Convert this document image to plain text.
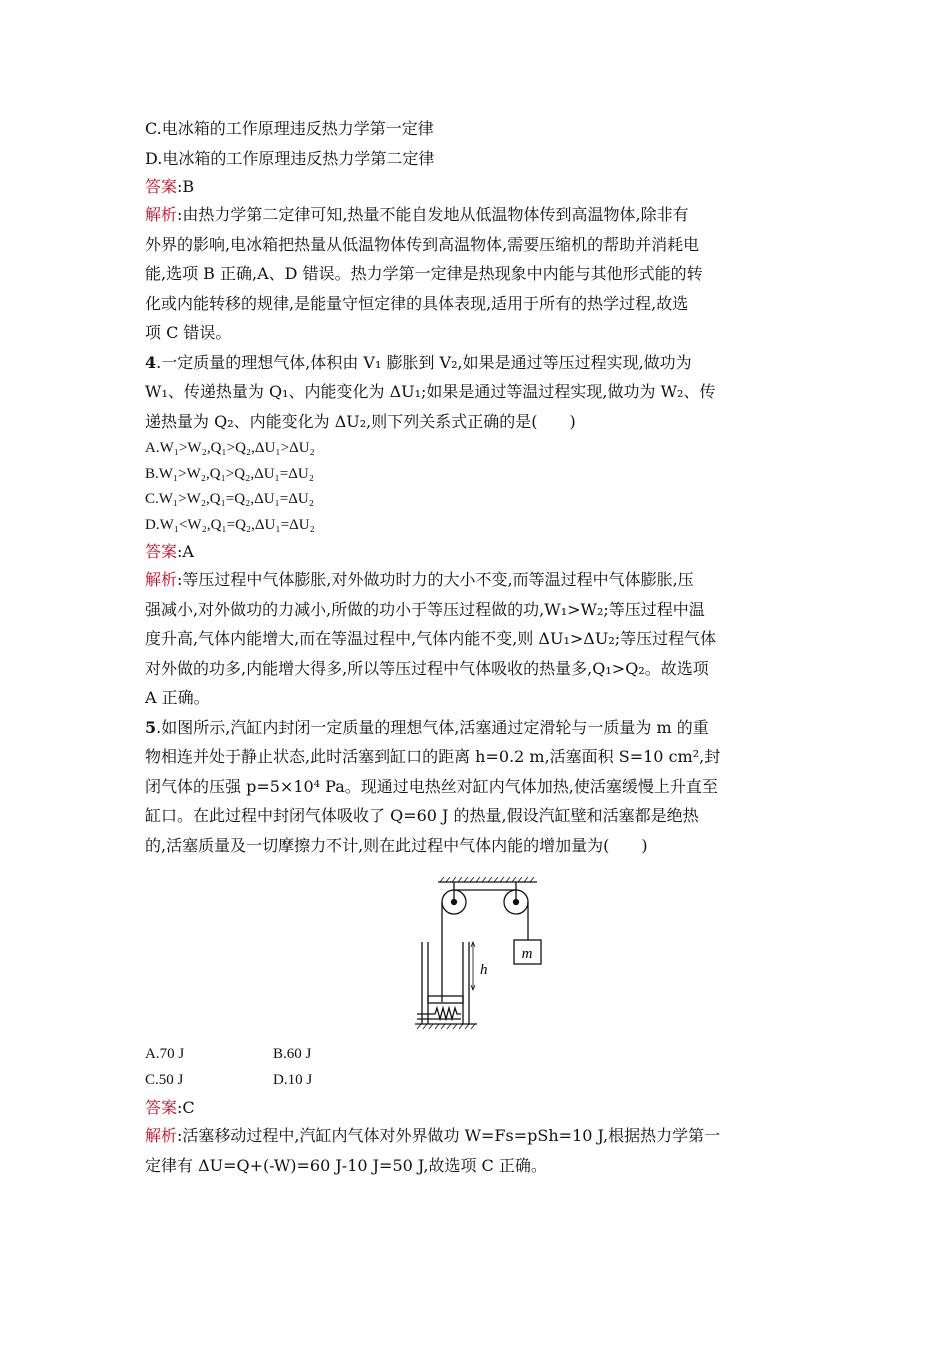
C.电冰箱的工作原理违反热力学第一定律
D.电冰箱的工作原理违反热力学第二定律
答案:B
解析:由热力学第二定律可知,热量不能自发地从低温物体传到高温物体,除非有
外界的影响,电冰箱把热量从低温物体传到高温物体,需要压缩机的帮助并消耗电
能,选项 B 正确,A、D 错误。热力学第一定律是热现象中内能与其他形式能的转
化或内能转移的规律,是能量守恒定律的具体表现,适用于所有的热学过程,故选
项 C 错误。
4.一定质量的理想气体,体积由 V₁ 膨胀到 V₂,如果是通过等压过程实现,做功为
W₁、传递热量为 Q₁、内能变化为 ΔU₁;如果是通过等温过程实现,做功为 W₂、传
递热量为 Q₂、内能变化为 ΔU₂,则下列关系式正确的是(　　)
A.W₁>W₂,Q₁>Q₂,ΔU₁>ΔU₂
B.W₁>W₂,Q₁>Q₂,ΔU₁=ΔU₂
C.W₁>W₂,Q₁=Q₂,ΔU₁=ΔU₂
D.W₁<W₂,Q₁=Q₂,ΔU₁=ΔU₂
答案:A
解析:等压过程中气体膨胀,对外做功时力的大小不变,而等温过程中气体膨胀,压
强减小,对外做功的力减小,所做的功小于等压过程做的功,W₁>W₂;等压过程中温
度升高,气体内能增大,而在等温过程中,气体内能不变,则 ΔU₁>ΔU₂;等压过程气体
对外做的功多,内能增大得多,所以等压过程中气体吸收的热量多,Q₁>Q₂。故选项
A 正确。
5.如图所示,汽缸内封闭一定质量的理想气体,活塞通过定滑轮与一质量为 m 的重
物相连并处于静止状态,此时活塞到缸口的距离 h=0.2 m,活塞面积 S=10 cm²,封
闭气体的压强 p=5×10⁴ Pa。现通过电热丝对缸内气体加热,使活塞缓慢上升直至
缸口。在此过程中封闭气体吸收了 Q=60 J 的热量,假设汽缸壁和活塞都是绝热
的,活塞质量及一切摩擦力不计,则在此过程中气体内能的增加量为(　　)
m
h
A.70 J	B.60 J
C.50 J	D.10 J
答案:C
解析:活塞移动过程中,汽缸内气体对外界做功 W=Fs=pSh=10 J,根据热力学第一
定律有 ΔU=Q+(-W)=60 J-10 J=50 J,故选项 C 正确。
